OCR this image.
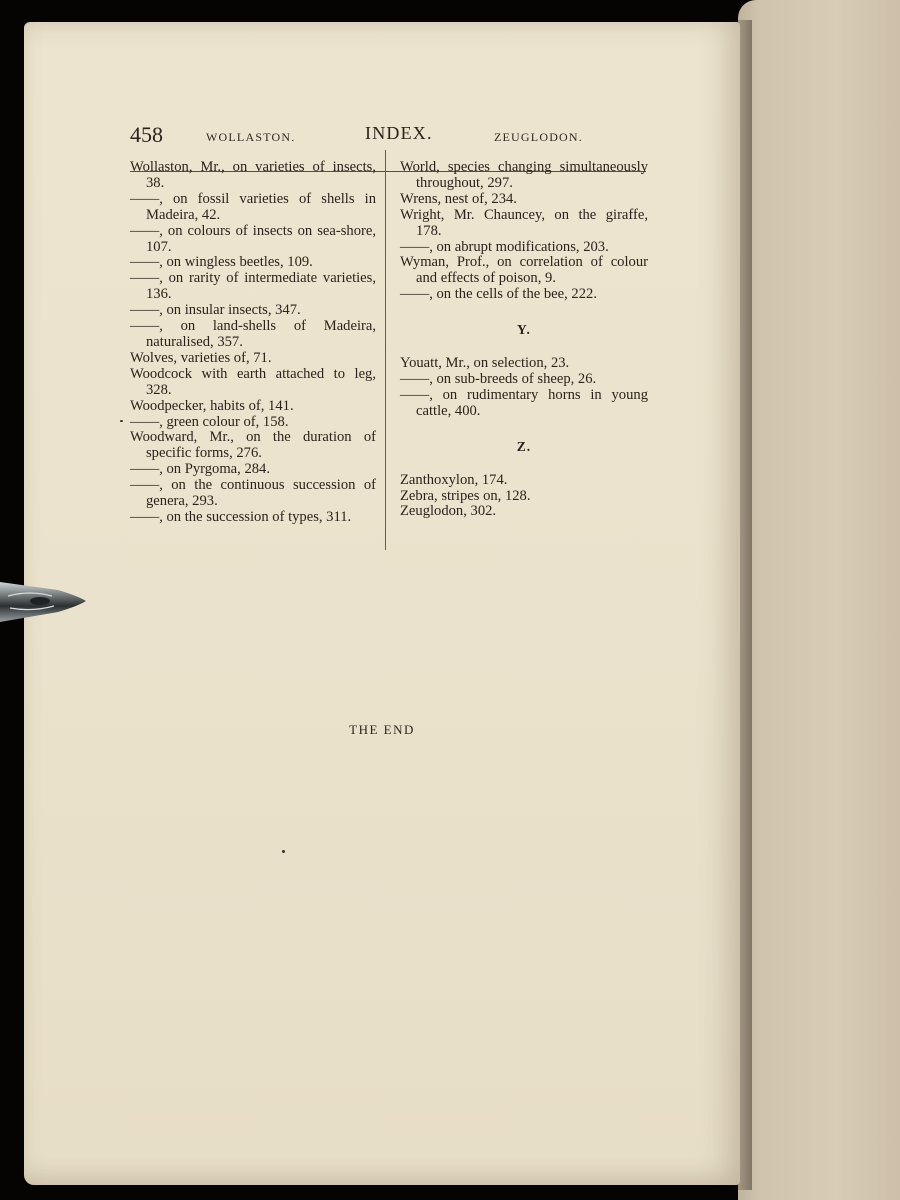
THE END
458	WOLLASTON.	INDEX.	ZEUGLODON.
Wollaston, Mr., on varieties of insects, 38.
——, on fossil varieties of shells in Madeira, 42.
——, on colours of insects on sea-shore, 107.
——, on wingless beetles, 109.
——, on rarity of intermediate varieties, 136.
——, on insular insects, 347.
——, on land-shells of Madeira, naturalised, 357.
Wolves, varieties of, 71.
Woodcock with earth attached to leg, 328.
Woodpecker, habits of, 141.
——, green colour of, 158.
Woodward, Mr., on the duration of specific forms, 276.
——, on Pyrgoma, 284.
——, on the continuous succession of genera, 293.
——, on the succession of types, 311.
World, species changing simultaneously throughout, 297.
Wrens, nest of, 234.
Wright, Mr. Chauncey, on the giraffe, 178.
——, on abrupt modifications, 203.
Wyman, Prof., on correlation of colour and effects of poison, 9.
——, on the cells of the bee, 222.
Y.
Youatt, Mr., on selection, 23.
——, on sub-breeds of sheep, 26.
——, on rudimentary horns in young cattle, 400.
Z.
Zanthoxylon, 174.
Zebra, stripes on, 128.
Zeuglodon, 302.
